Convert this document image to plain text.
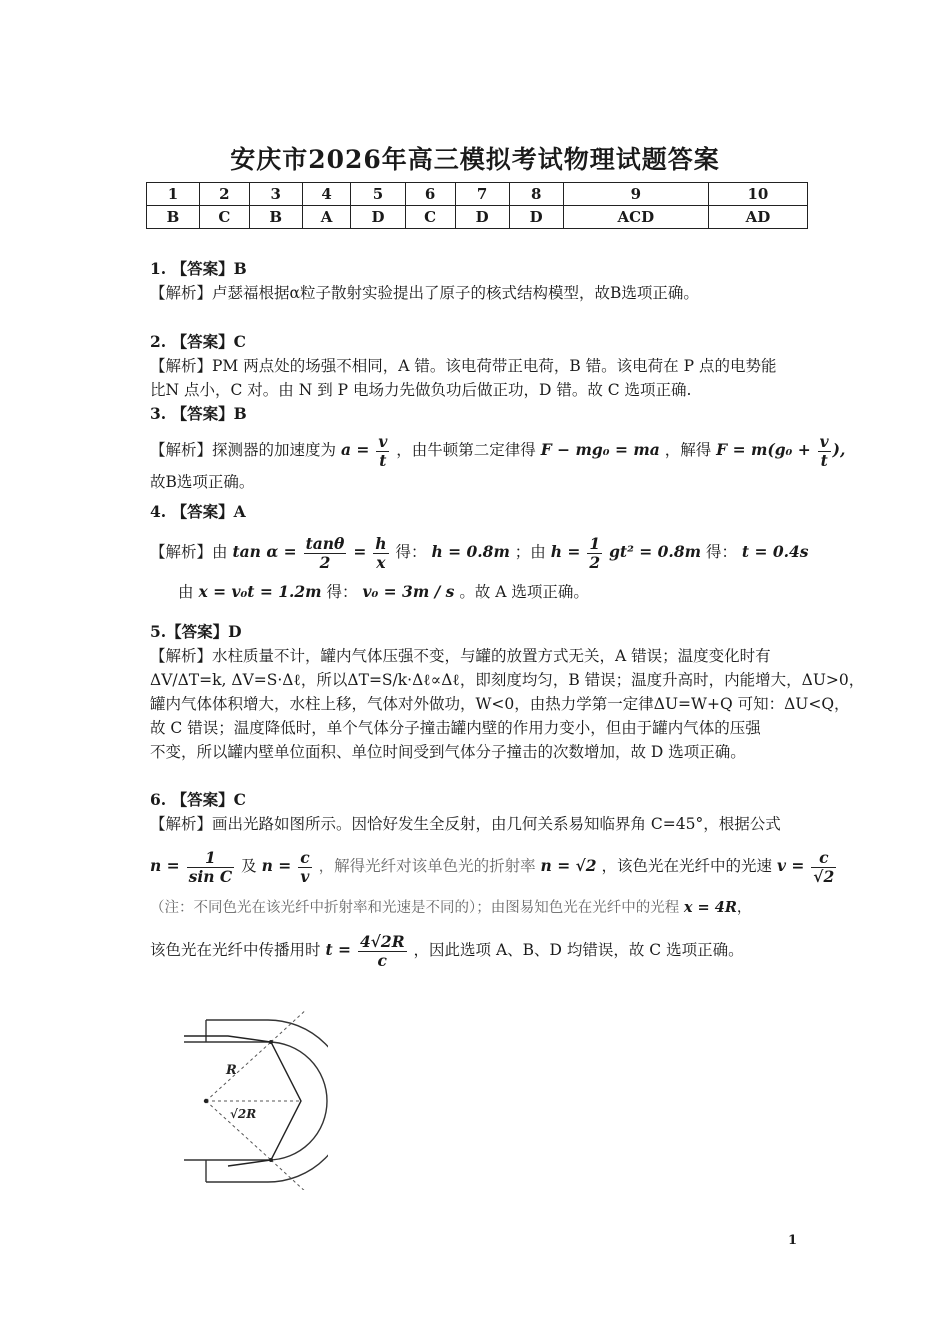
安庆市2026年高三模拟考试物理试题答案
1	2	3	4	5	6	7	8	9	10
B	C	B	A	D	C	D	D	ACD	AD
1. 【答案】B
【解析】卢瑟福根据α粒子散射实验提出了原子的核式结构模型，故B选项正确。
2. 【答案】C
【解析】PM 两点处的场强不相同，A 错。该电荷带正电荷，B 错。该电荷在 P 点的电势能
比N 点小，C 对。由 N 到 P 电场力先做负功后做正功，D 错。故 C 选项正确.
3. 【答案】B
【解析】探测器的加速度为 $a = \frac{v}{t}$ ，由牛顿第二定律得 F − mg₀ = ma ，解得 $F = m(g_0 + \frac{v}{t}$ ),
故B选项正确。
4. 【答案】A
【解析】由 $\tan \alpha = \frac{\tan\theta}{2} = \frac{h}{x}$ 得： h = 0.8m ；由 $h = \frac{1}{2} gt^2 = 0.8m$ 得： t = 0.4s
由 x = v₀t = 1.2m 得： v₀ = 3m / s 。故 A 选项正确。
5.【答案】D
【解析】水柱质量不计，罐内气体压强不变，与罐的放置方式无关，A 错误；温度变化时有
ΔV/ΔT=k, ΔV=S·Δℓ，所以ΔT=S/k·Δℓ∝Δℓ，即刻度均匀，B 错误；温度升高时，内能增大，ΔU>0，
罐内气体体积增大，水柱上移，气体对外做功，W<0，由热力学第一定律ΔU=W+Q 可知：ΔU<Q，
故 C 错误；温度降低时，单个气体分子撞击罐内壁的作用力变小，但由于罐内气体的压强
不变，所以罐内壁单位面积、单位时间受到气体分子撞击的次数增加，故 D 选项正确。
6. 【答案】C
【解析】画出光路如图所示。因恰好发生全反射，由几何关系易知临界角 C=45°，根据公式
$n = \frac{1}{\text{sin C}}$ 及 $n = \frac{c}{v}$ ，解得光纤对该单色光的折射率 n = √2 ，该色光在光纤中的光速 $v = \frac{c}{√2}$
（注：不同色光在该光纤中折射率和光速是不同的）；由图易知色光在光纤中的光程 x = 4R，
该色光在光纤中传播用时 $t = \frac{4√2R}{c}$ ，因此选项 A、B、D 均错误，故 C 选项正确。
R
√2R
1
